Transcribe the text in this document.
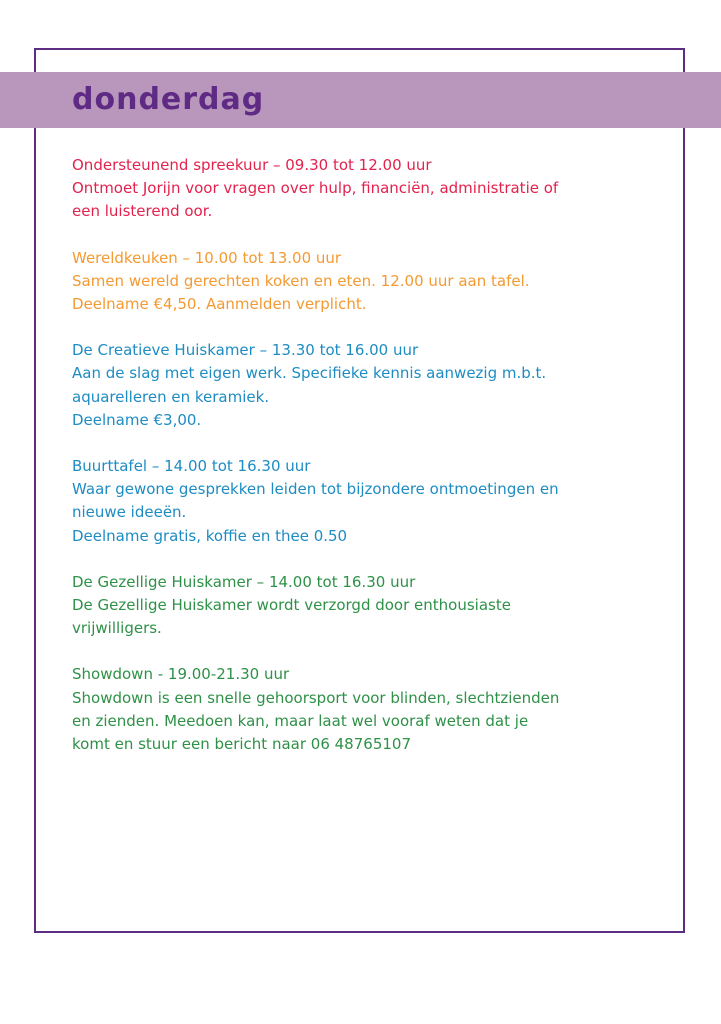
donderdag

Ondersteunend spreekuur – 09.30 tot 12.00 uur

Ontmoet Jorijn voor vragen over hulp, financiën, administratie of

een luisterend oor.

Wereldkeuken – 10.00 tot 13.00 uur

Samen wereld gerechten koken en eten. 12.00 uur aan tafel.

Deelname €4,50. Aanmelden verplicht.

De Creatieve Huiskamer – 13.30 tot 16.00 uur

Aan de slag met eigen werk. Specifieke kennis aanwezig m.b.t.

aquarelleren en keramiek.

Deelname €3,00.

Buurttafel – 14.00 tot 16.30 uur

Waar gewone gesprekken leiden tot bijzondere ontmoetingen en

nieuwe ideeën.

Deelname gratis, koffie en thee 0.50

De Gezellige Huiskamer – 14.00 tot 16.30 uur

De Gezellige Huiskamer wordt verzorgd door enthousiaste

vrijwilligers.

Showdown - 19.00-21.30 uur

Showdown is een snelle gehoorsport voor blinden, slechtzienden

en zienden. Meedoen kan, maar laat wel vooraf weten dat je

komt en stuur een bericht naar 06 48765107
